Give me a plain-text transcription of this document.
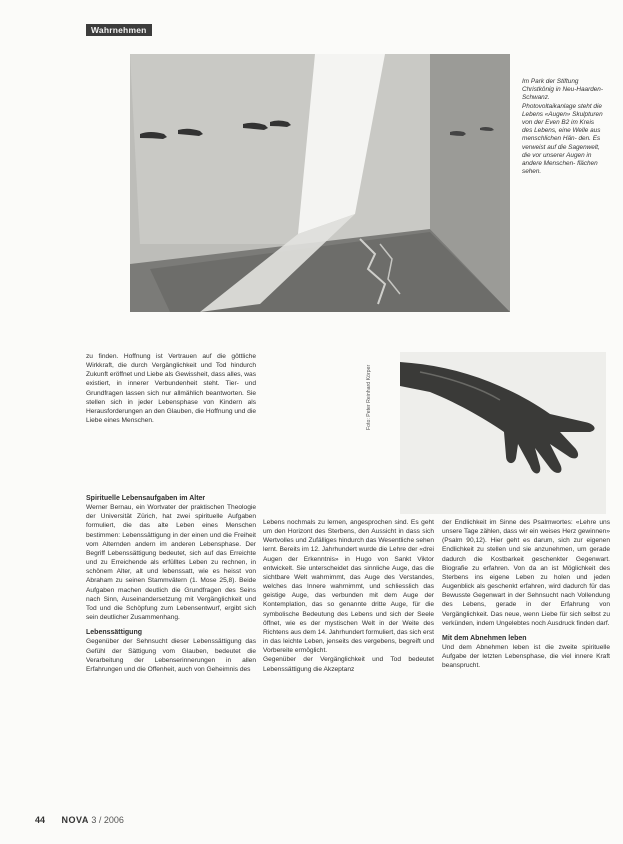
Wahrnehmen
Im Park der Stiftung Christkönig in Neu-Haarden-Schwanz. Photovoltaikanlage steht die Lebens «Augen» Skulpturen von der Even B2 im Kreis des Lebens, eine Welle aus menschlichen Hän- den. Es verweist auf die Sagenwelt, die vor unserer Augen in andere Menschen- flächen sehen.
Foto: Peter Reinhard Körper

zu finden. Hoffnung ist Vertrauen auf die göttliche Wirkkraft, die durch Vergänglichkeit und Tod hindurch Zukunft eröffnet und Liebe als Gewissheit, dass alles, was existiert, in innerer Verbundenheit steht. Tier- und Grundfragen lassen sich nur allmählich beantworten. Sie stellen sich in jeder Lebensphase von Kindern als Herausforderungen an den Glauben, die Hoffnung und die Liebe eines Menschen.

Spirituelle Lebensaufgaben im Alter

Werner Bernau, ein Wortvater der praktischen Theologie der Universität Zürich, hat zwei spirituelle Aufgaben formuliert, die das alte Leben eines Menschen bestimmen: Lebenssättigung in der einen und die Freiheit vom Alternden andern im anderen Lebensphase. Der Begriff Lebenssättigung bedeutet, sich auf das Erreichte und zu Erreichende als erfülltes Leben zu rechnen, in schönem Alter, alt und lebenssatt, wie es heisst von Abraham zu seinen Stammvätern (1. Mose 25,8). Beide Aufgaben machen deutlich die Grundfragen des Seins nach Sinn, Auseinandersetzung mit Vergänglichkeit und Tod und die Schöpfung zum Lebensentwurf, ergibt sich sein deutlicher Zusammenhang.

Lebenssättigung

Gegenüber der Sehnsucht dieser Lebenssättigung das Gefühl der Sättigung vom Glauben, bedeutet die Verarbeitung der Lebenserinnerungen in allen Erfahrungen und die Offenheit, auch von Geheimnis des

Lebens nochmals zu lernen, angesprochen sind. Es geht um den Horizont des Sterbens, den Aussicht in dass sich Wertvolles und Zufälliges hindurch das Wesentliche sehen lernt. Bereits im 12. Jahrhundert wurde die Lehre der «drei Augen der Erkenntnis» in Hugo von Sankt Viktor entwickelt. Sie unterscheidet das sinnliche Auge, das die sichtbare Welt wahrnimmt, das Auge des Verstandes, welches das Innere wahrnimmt, und schliesslich das geistige Auge, das verbunden mit dem Auge der Kontemplation, das so genannte dritte Auge, für die symbolische Bedeutung des Lebens und sich der Seele öffnet, wie es der mystischen Welt in der Weite des Richtens aus dem 14. Jahrhundert formuliert, das sich erst in das leichte Leben, jenseits des vergebens, begreift und Vorbereite ermöglicht.

Gegenüber der Vergänglichkeit und Tod bedeutet Lebenssättigung die Akzeptanz

der Endlichkeit im Sinne des Psalmwortes: «Lehre uns unsere Tage zählen, dass wir ein weises Herz gewinnen» (Psalm 90,12). Hier geht es darum, sich zur eigenen Endlichkeit zu stellen und sie anzunehmen, um gerade dadurch die Kostbarkeit geschenkter Gegenwart. Biografie zu erfahren. Von da an ist Möglichkeit des Sterbens ins eigene Leben zu holen und jeden Augenblick als geschenkt erfahren, wird dadurch für das Bewusste Gegenwart in der Sehnsucht nach Vollendung des Lebens, gerade in der Erfahrung von Vergänglichkeit. Das neue, wenn Liebe für sich selbst zu verkünden, indem Ungelebtes noch Ausdruck finden darf.

Mit dem Abnehmen leben

Und dem Abnehmen leben ist die zweite spirituelle Aufgabe der letzten Lebensphase, die viel innere Kraft beansprucht.

44 NOVA 3 / 2006
